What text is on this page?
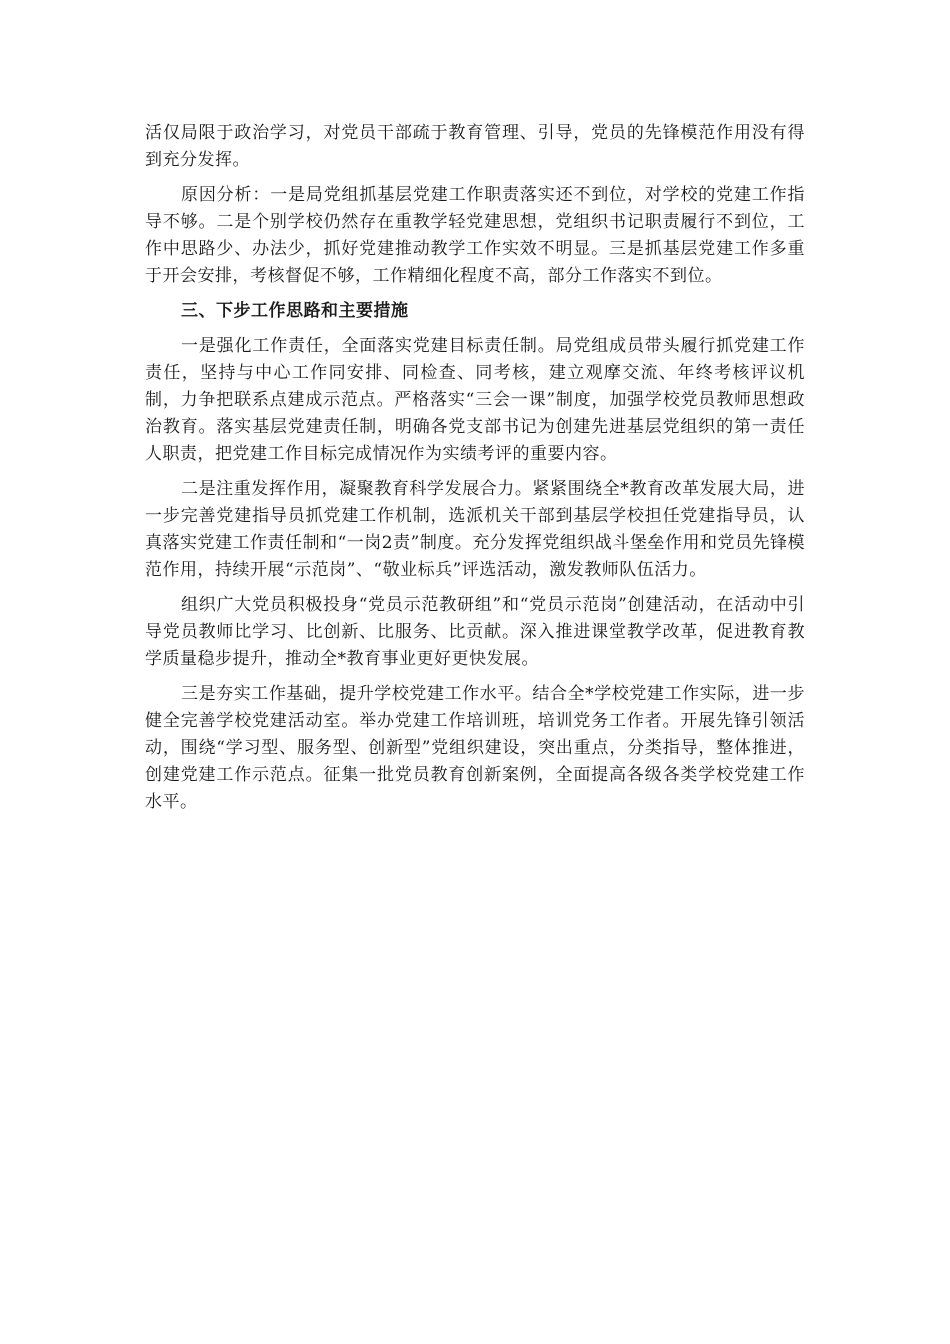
活仅局限于政治学习，对党员干部疏于教育管理、引导，党员的先锋模范作用没有得到充分发挥。

原因分析：一是局党组抓基层党建工作职责落实还不到位，对学校的党建工作指导不够。二是个别学校仍然存在重教学轻党建思想，党组织书记职责履行不到位，工作中思路少、办法少，抓好党建推动教学工作实效不明显。三是抓基层党建工作多重于开会安排，考核督促不够，工作精细化程度不高，部分工作落实不到位。

三、下步工作思路和主要措施

一是强化工作责任，全面落实党建目标责任制。局党组成员带头履行抓党建工作责任，坚持与中心工作同安排、同检查、同考核，建立观摩交流、年终考核评议机制，力争把联系点建成示范点。严格落实“三会一课”制度，加强学校党员教师思想政治教育。落实基层党建责任制，明确各党支部书记为创建先进基层党组织的第一责任人职责，把党建工作目标完成情况作为实绩考评的重要内容。

二是注重发挥作用，凝聚教育科学发展合力。紧紧围绕全*教育改革发展大局，进一步完善党建指导员抓党建工作机制，选派机关干部到基层学校担任党建指导员，认真落实党建工作责任制和“一岗2责”制度。充分发挥党组织战斗堡垒作用和党员先锋模范作用，持续开展“示范岗”、“敬业标兵”评选活动，激发教师队伍活力。

组织广大党员积极投身“党员示范教研组”和“党员示范岗”创建活动，在活动中引导党员教师比学习、比创新、比服务、比贡献。深入推进课堂教学改革，促进教育教学质量稳步提升，推动全*教育事业更好更快发展。

三是夯实工作基础，提升学校党建工作水平。结合全*学校党建工作实际，进一步健全完善学校党建活动室。举办党建工作培训班，培训党务工作者。开展先锋引领活动，围绕“学习型、服务型、创新型”党组织建设，突出重点，分类指导，整体推进，创建党建工作示范点。征集一批党员教育创新案例，全面提高各级各类学校党建工作水平。
